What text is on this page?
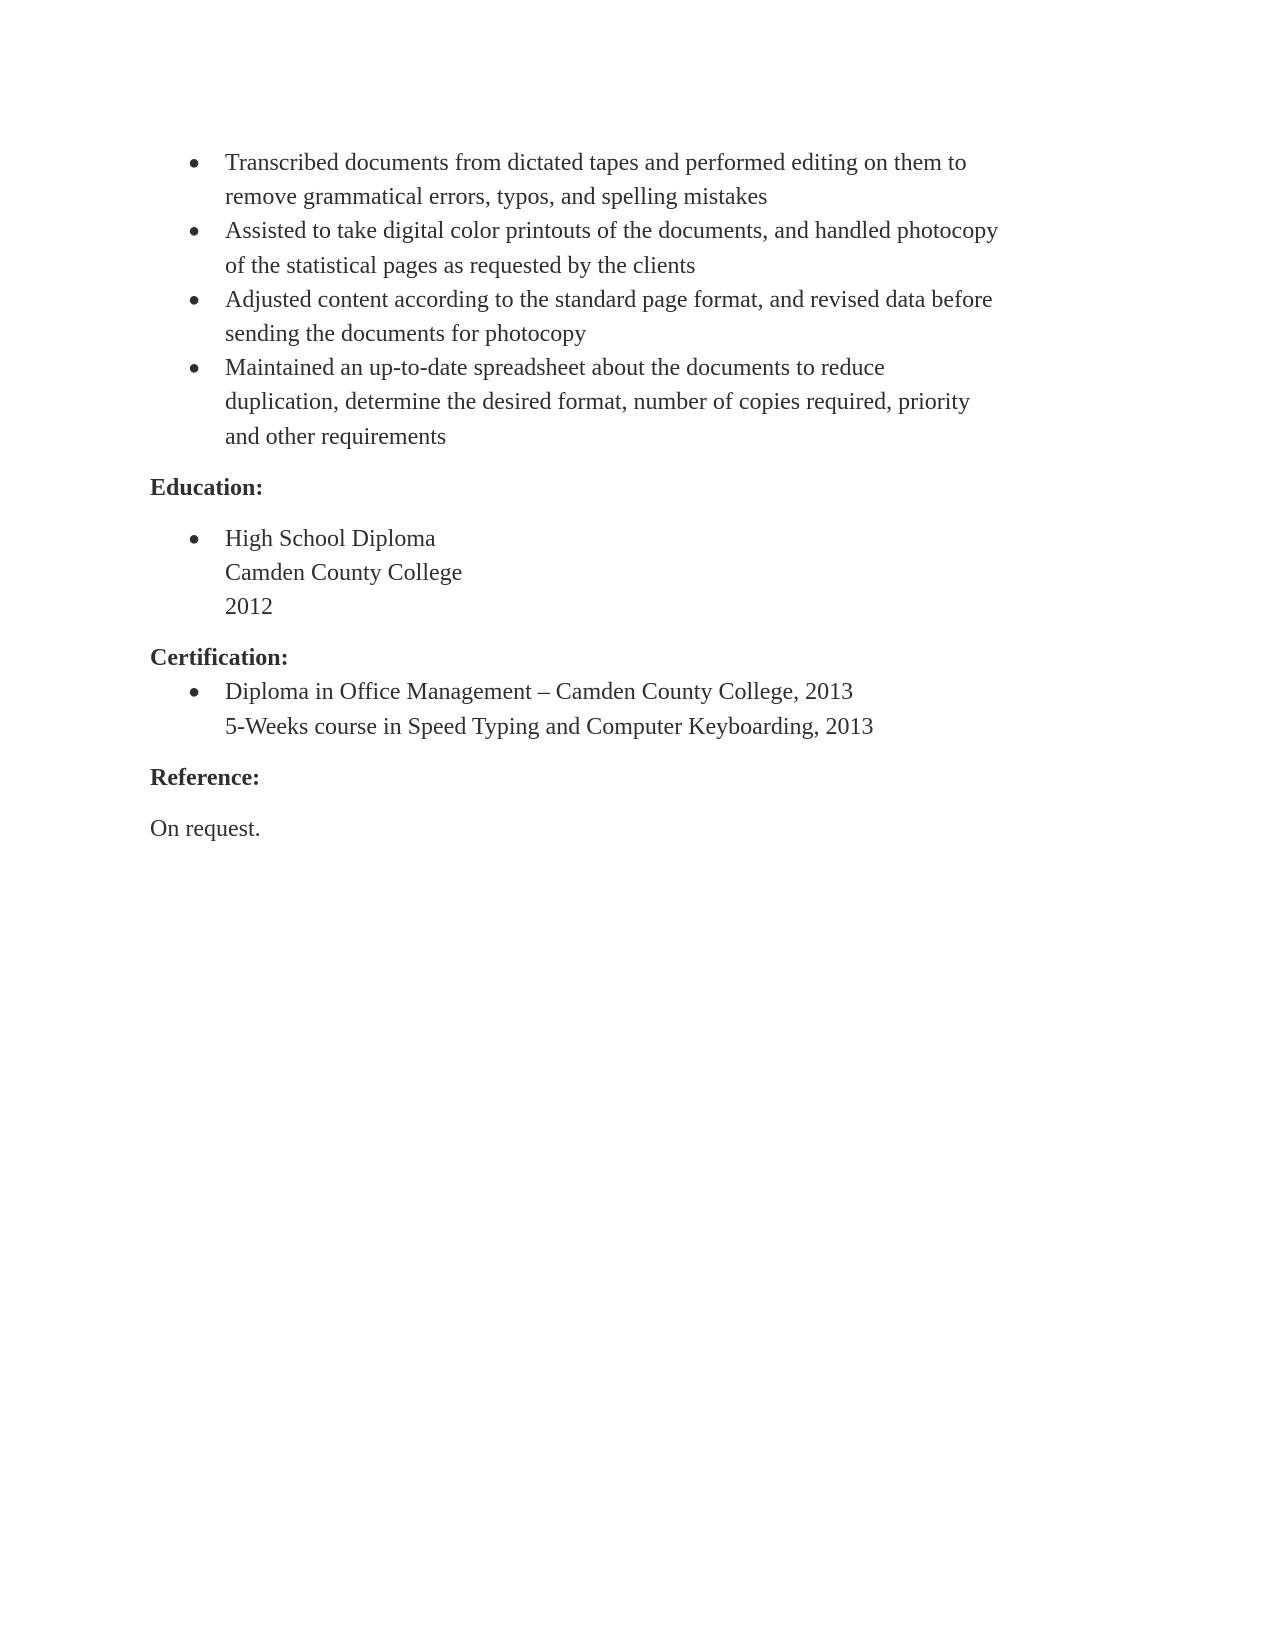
● Transcribed documents from dictated tapes and performed editing on them to
remove grammatical errors, typos, and spelling mistakes
● Assisted to take digital color printouts of the documents, and handled photocopy
of the statistical pages as requested by the clients
● Adjusted content according to the standard page format, and revised data before
sending the documents for photocopy
● Maintained an up-to-date spreadsheet about the documents to reduce
duplication, determine the desired format, number of copies required, priority
and other requirements
Education:
● High School Diploma
Camden County College
2012
Certification:
● Diploma in Office Management – Camden County College, 2013
5-Weeks course in Speed Typing and Computer Keyboarding, 2013
Reference:

On request.
